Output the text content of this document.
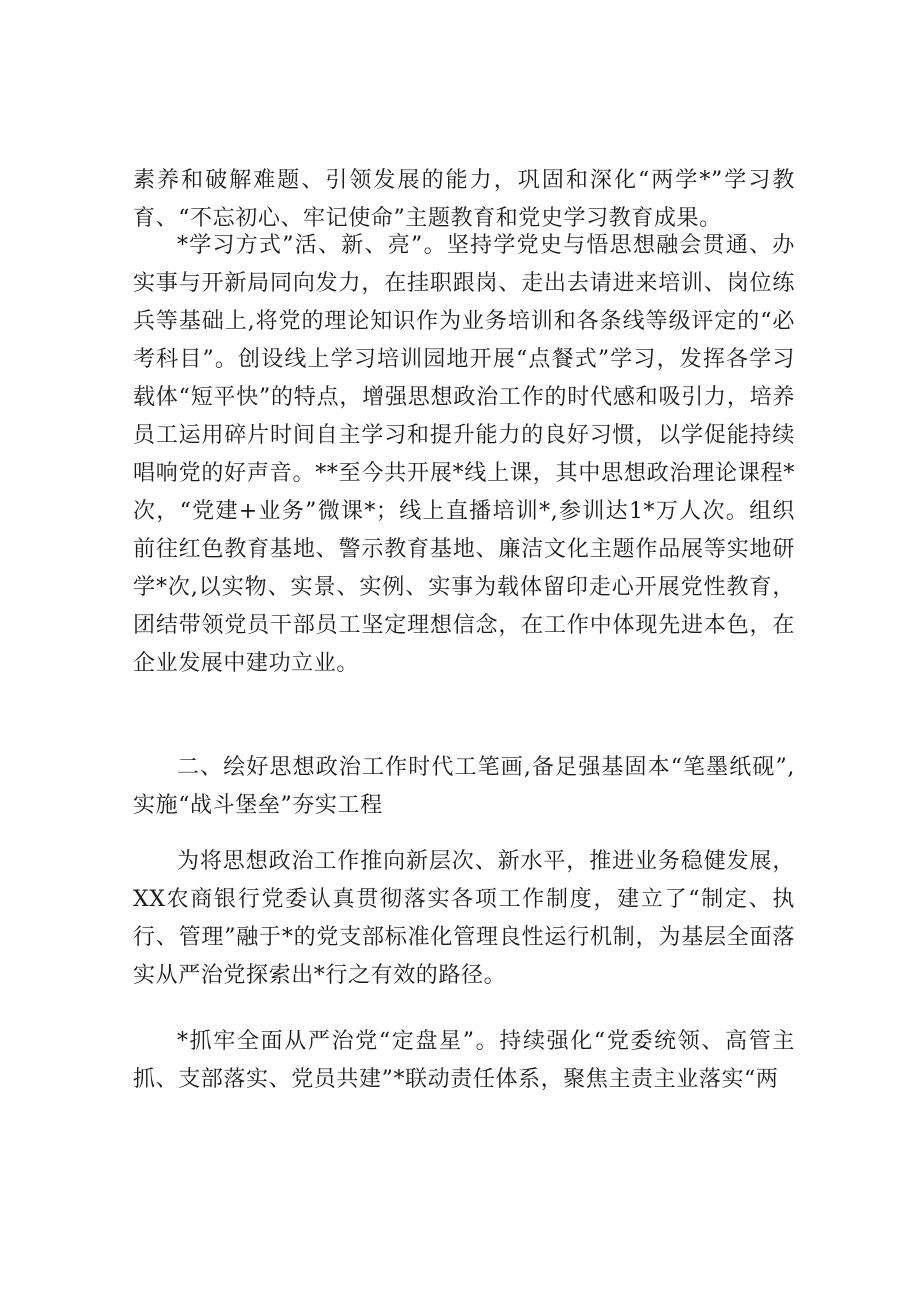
素养和破解难题、引领发展的能力，巩固和深化“两学*”学习教育、“不忘初心、牢记使命”主题教育和党史学习教育成果。

*学习方式”活、新、亮”。坚持学党史与悟思想融会贯通、办实事与开新局同向发力，在挂职跟岗、走出去请进来培训、岗位练兵等基础上,将党的理论知识作为业务培训和各条线等级评定的“必考科目”。创设线上学习培训园地开展“点餐式”学习，发挥各学习载体“短平快”的特点，增强思想政治工作的时代感和吸引力，培养员工运用碎片时间自主学习和提升能力的良好习惯，以学促能持续唱响党的好声音。**至今共开展*线上课，其中思想政治理论课程*次，“党建+业务”微课*；线上直播培训*,参训达1*万人次。组织前往红色教育基地、警示教育基地、廉洁文化主题作品展等实地研学*次,以实物、实景、实例、实事为载体留印走心开展党性教育，团结带领党员干部员工坚定理想信念，在工作中体现先进本色，在企业发展中建功立业。

二、绘好思想政治工作时代工笔画,备足强基固本“笔墨纸砚”,实施“战斗堡垒”夯实工程

为将思想政治工作推向新层次、新水平，推进业务稳健发展，XX农商银行党委认真贯彻落实各项工作制度，建立了“制定、执行、管理”融于*的党支部标准化管理良性运行机制，为基层全面落实从严治党探索出*行之有效的路径。

*抓牢全面从严治党“定盘星”。持续强化“党委统领、高管主抓、支部落实、党员共建”*联动责任体系，聚焦主责主业落实“两
